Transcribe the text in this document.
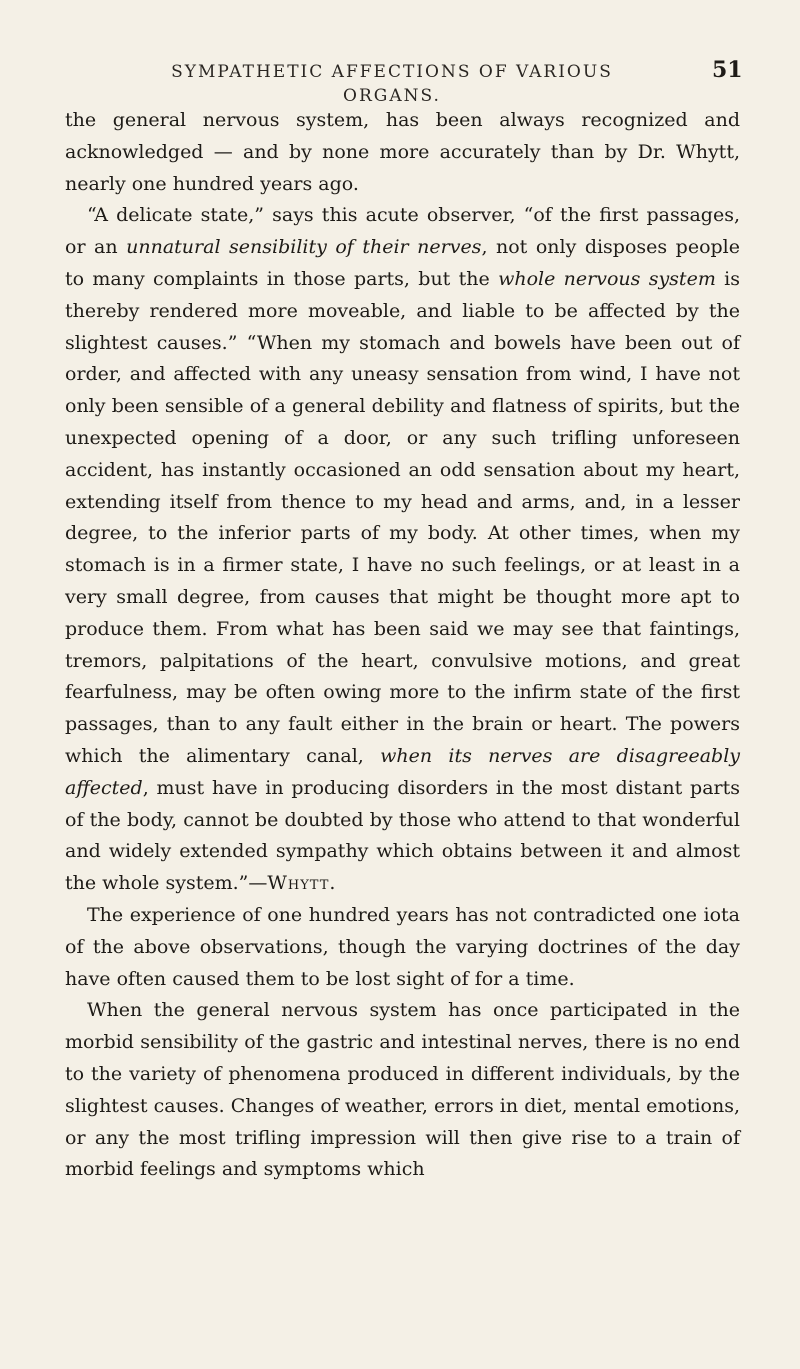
SYMPATHETIC AFFECTIONS OF VARIOUS ORGANS.
51

the general nervous system, has been always recognized and acknowledged — and by none more accurately than by Dr. Whytt, nearly one hundred years ago.

“A delicate state,” says this acute observer, “of the first passages, or an unnatural sensibility of their nerves, not only disposes people to many complaints in those parts, but the whole nervous system is thereby rendered more moveable, and liable to be affected by the slightest causes.” “When my stomach and bowels have been out of order, and affected with any uneasy sensation from wind, I have not only been sensible of a general debility and flatness of spirits, but the unexpected opening of a door, or any such trifling unforeseen accident, has instantly occasioned an odd sensation about my heart, extending itself from thence to my head and arms, and, in a lesser degree, to the inferior parts of my body. At other times, when my stomach is in a firmer state, I have no such feelings, or at least in a very small degree, from causes that might be thought more apt to produce them. From what has been said we may see that faintings, tremors, palpitations of the heart, convulsive motions, and great fearfulness, may be often owing more to the infirm state of the first passages, than to any fault either in the brain or heart. The powers which the alimentary canal, when its nerves are disagreeably affected, must have in producing disorders in the most distant parts of the body, cannot be doubted by those who attend to that wonderful and widely extended sympathy which obtains between it and almost the whole system.”—Whytt.

The experience of one hundred years has not contradicted one iota of the above observations, though the varying doctrines of the day have often caused them to be lost sight of for a time.

When the general nervous system has once participated in the morbid sensibility of the gastric and intestinal nerves, there is no end to the variety of phenomena produced in different individuals, by the slightest causes. Changes of weather, errors in diet, mental emotions, or any the most trifling impression will then give rise to a train of morbid feelings and symptoms which
